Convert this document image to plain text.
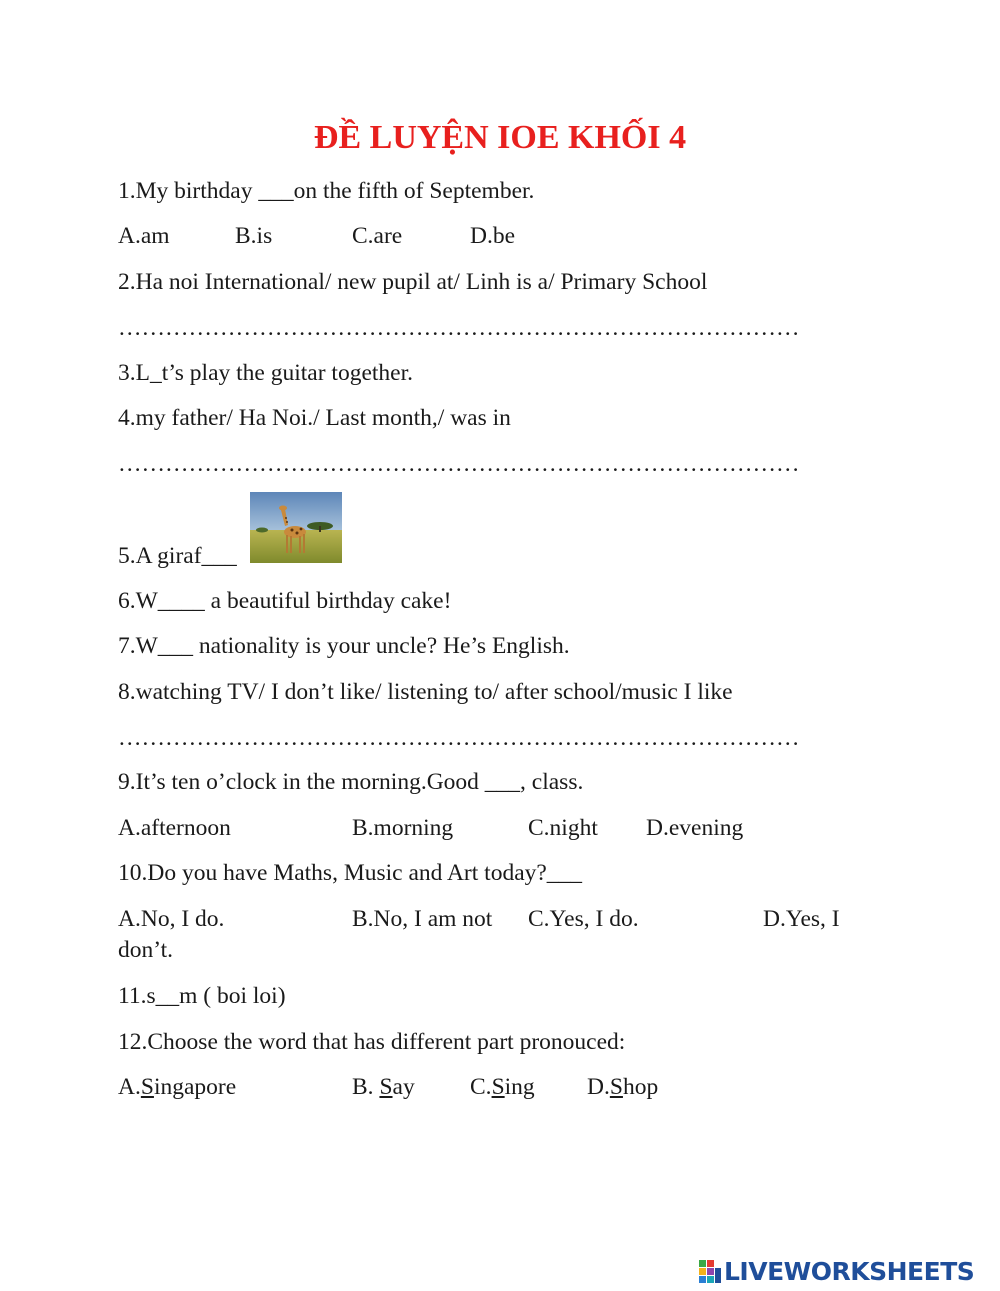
ĐỀ LUYỆN IOE KHỐI 4
1.My birthday ___on the fifth of September.
A.am	B.is	C.are	D.be
2.Ha noi International/ new pupil at/ Linh is a/ Primary School
……………………………………………………………………………
3.L_t’s play the guitar together.
4.my father/ Ha Noi./ Last month,/ was in
……………………………………………………………………………
5.A giraf___
6.W____ a beautiful birthday cake!
7.W___ nationality is your uncle? He’s English.
8.watching TV/ I don’t like/ listening to/ after school/music I like
……………………………………………………………………………
9.It’s ten o’clock in the morning.Good ___, class.
A.afternoon	B.morning	C.night D.evening
10.Do you have Maths, Music and Art today?___
A.No, I do.	B.No, I am not C.Yes, I do.	D.Yes, I
don’t.
11.s__m ( boi loi)
12.Choose the word that has different part pronouced:
A.Singapore	B. Say C.Sing D.Shop
LIVEWORKSHEETS
